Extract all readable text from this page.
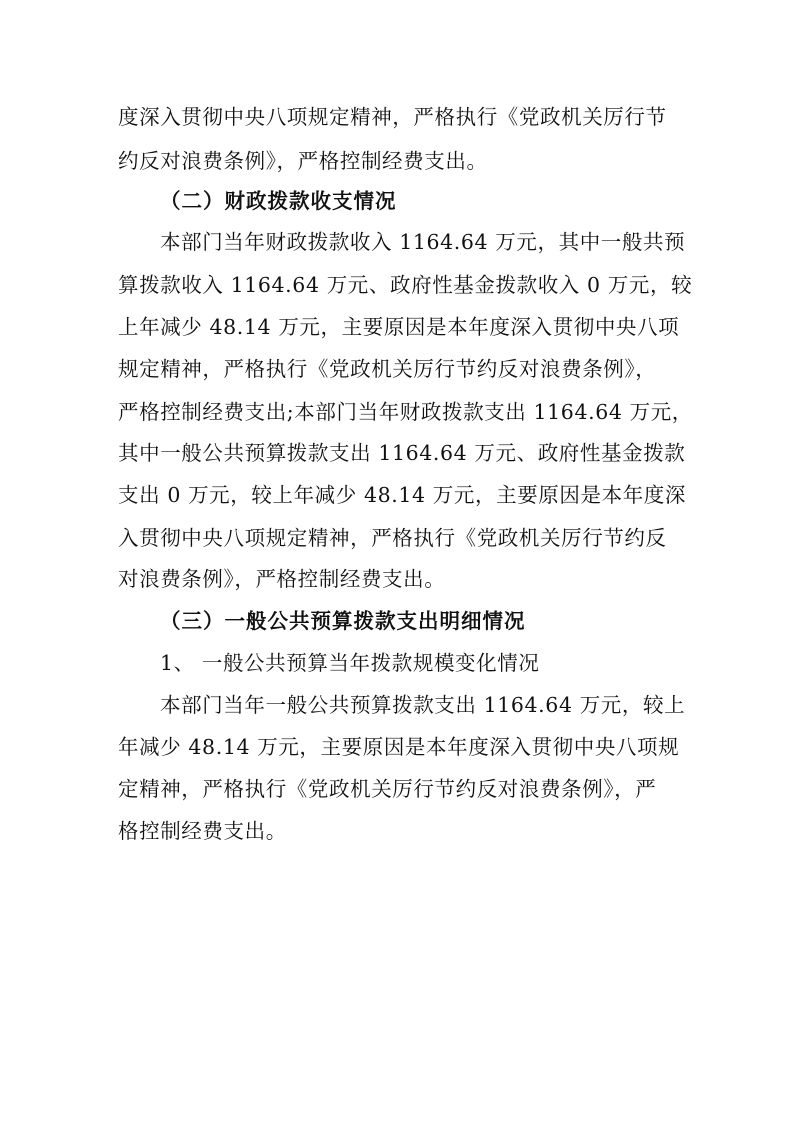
度深入贯彻中央八项规定精神，严格执行《党政机关厉行节
约反对浪费条例》，严格控制经费支出。
（二）财政拨款收支情况
本部门当年财政拨款收入 1164.64 万元，其中一般共预
算拨款收入 1164.64 万元、政府性基金拨款收入 0 万元，较
上年减少 48.14 万元，主要原因是本年度深入贯彻中央八项
规定精神，严格执行《党政机关厉行节约反对浪费条例》，
严格控制经费支出;本部门当年财政拨款支出 1164.64 万元，
其中一般公共预算拨款支出 1164.64 万元、政府性基金拨款
支出 0 万元，较上年减少 48.14 万元，主要原因是本年度深
入贯彻中央八项规定精神，严格执行《党政机关厉行节约反
对浪费条例》，严格控制经费支出。
（三）一般公共预算拨款支出明细情况
1、 一般公共预算当年拨款规模变化情况
本部门当年一般公共预算拨款支出 1164.64 万元，较上
年减少 48.14 万元，主要原因是本年度深入贯彻中央八项规
定精神，严格执行《党政机关厉行节约反对浪费条例》，严
格控制经费支出。
